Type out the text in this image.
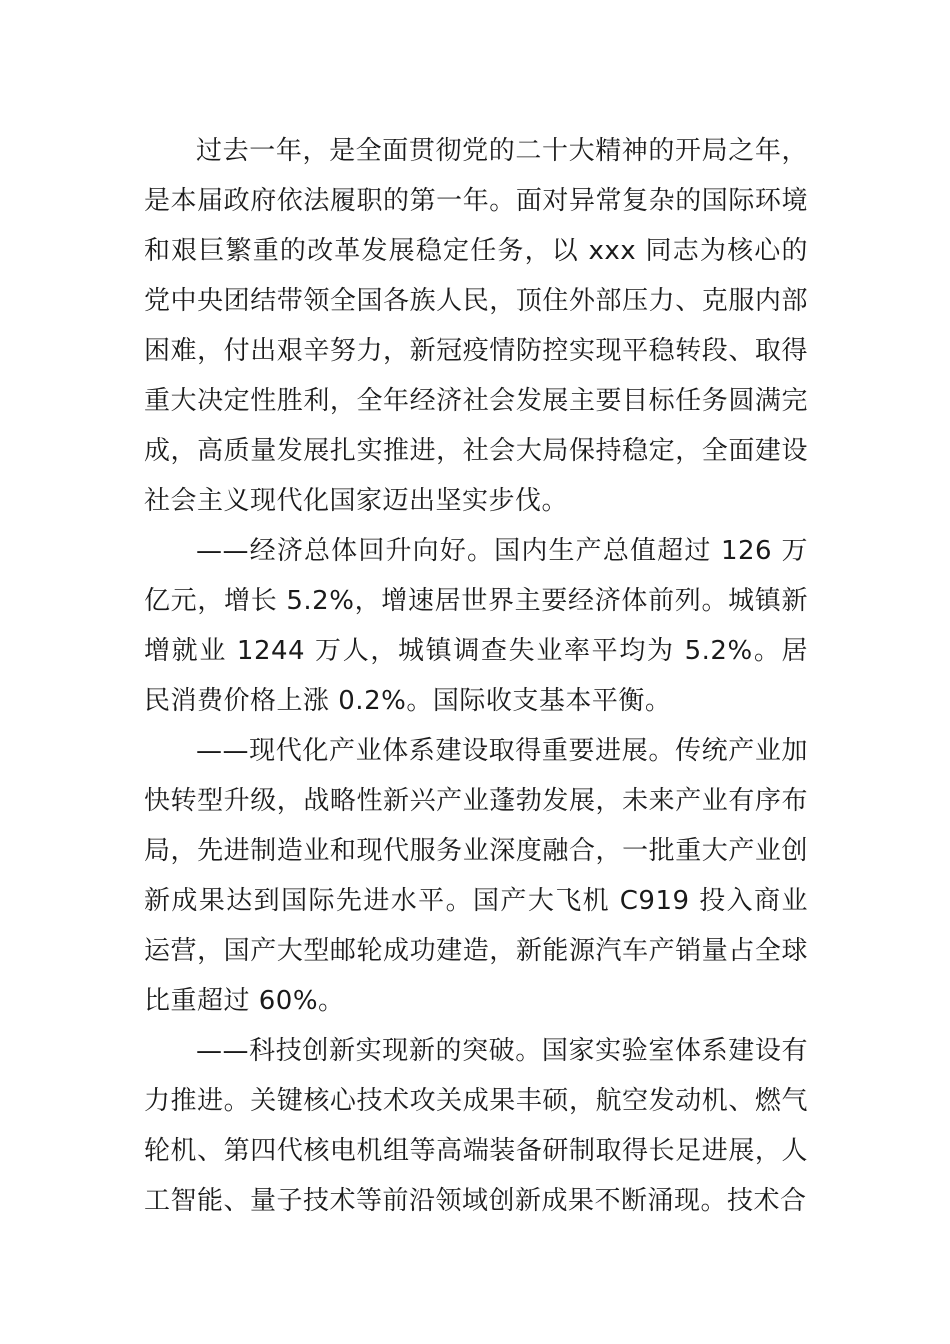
过去一年，是全面贯彻党的二十大精神的开局之年，是本届政府依法履职的第一年。面对异常复杂的国际环境和艰巨繁重的改革发展稳定任务，以 xxx 同志为核心的党中央团结带领全国各族人民，顶住外部压力、克服内部困难，付出艰辛努力，新冠疫情防控实现平稳转段、取得重大决定性胜利，全年经济社会发展主要目标任务圆满完成，高质量发展扎实推进，社会大局保持稳定，全面建设社会主义现代化国家迈出坚实步伐。

——经济总体回升向好。国内生产总值超过 126 万亿元，增长 5.2%，增速居世界主要经济体前列。城镇新增就业 1244 万人，城镇调查失业率平均为 5.2%。居民消费价格上涨 0.2%。国际收支基本平衡。

——现代化产业体系建设取得重要进展。传统产业加快转型升级，战略性新兴产业蓬勃发展，未来产业有序布局，先进制造业和现代服务业深度融合，一批重大产业创新成果达到国际先进水平。国产大飞机 C919 投入商业运营，国产大型邮轮成功建造，新能源汽车产销量占全球比重超过 60%。

——科技创新实现新的突破。国家实验室体系建设有力推进。关键核心技术攻关成果丰硕，航空发动机、燃气轮机、第四代核电机组等高端装备研制取得长足进展，人工智能、量子技术等前沿领域创新成果不断涌现。技术合
